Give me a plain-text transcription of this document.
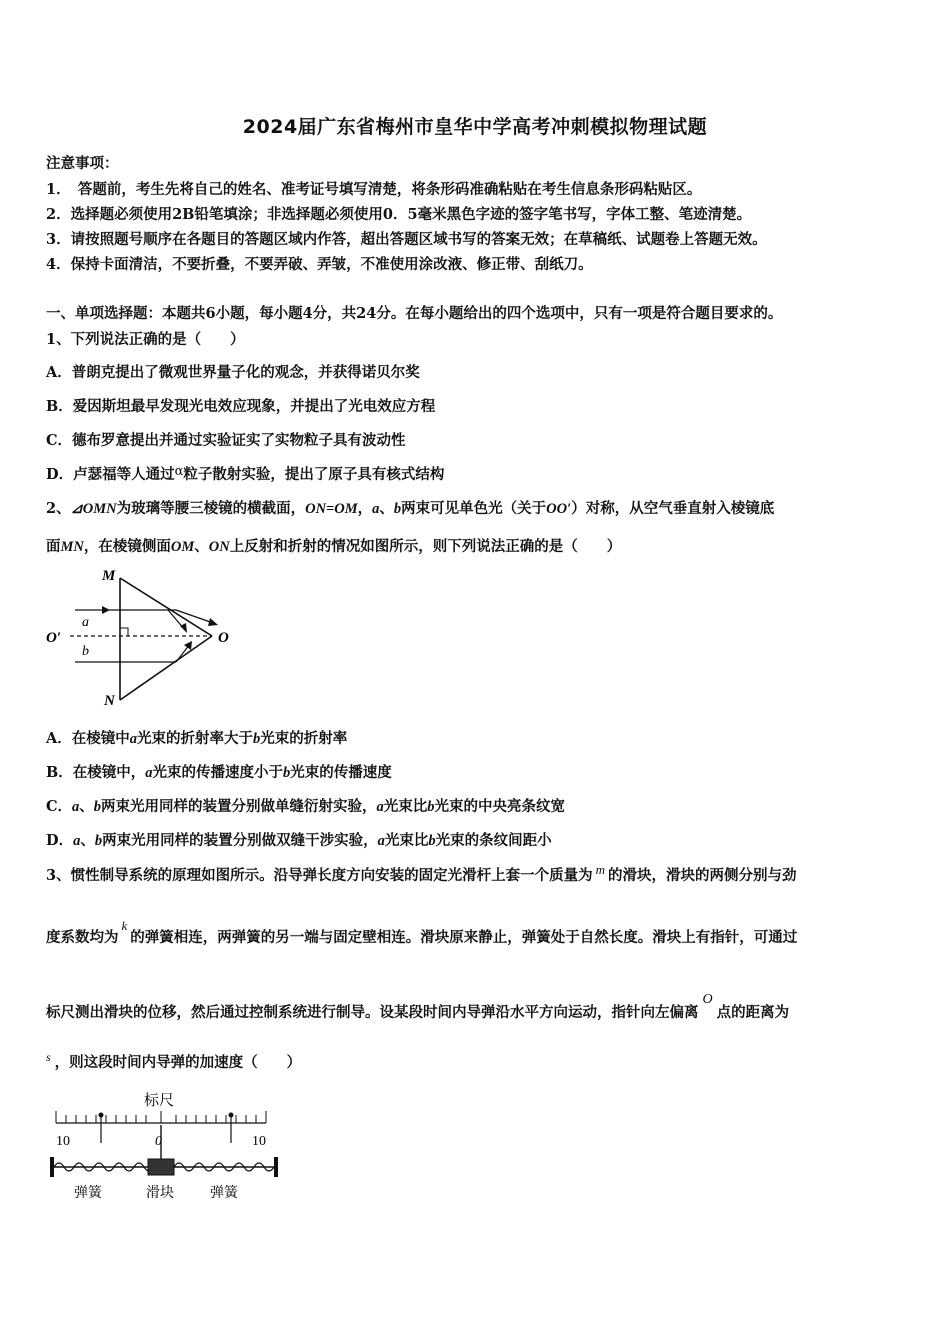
2024届广东省梅州市皇华中学高考冲刺模拟物理试题
注意事项：
1．　答题前，考生先将自己的姓名、准考证号填写清楚，将条形码准确粘贴在考生信息条形码粘贴区。
2．选择题必须使用2B铅笔填涂；非选择题必须使用0．5毫米黑色字迹的签字笔书写，字体工整、笔迹清楚。
3．请按照题号顺序在各题目的答题区域内作答，超出答题区域书写的答案无效；在草稿纸、试题卷上答题无效。
4．保持卡面清洁，不要折叠，不要弄破、弄皱，不准使用涂改液、修正带、刮纸刀。
一、单项选择题：本题共6小题，每小题4分，共24分。在每小题给出的四个选项中，只有一项是符合题目要求的。
1、下列说法正确的是（　　）
A．普朗克提出了微观世界量子化的观念，并获得诺贝尔奖
B．爱因斯坦最早发现光电效应现象，并提出了光电效应方程
C．德布罗意提出并通过实验证实了实物粒子具有波动性
D．卢瑟福等人通过α粒子散射实验，提出了原子具有核式结构
2、⊿OMN为玻璃等腰三棱镜的横截面，ON=OM，a、b两束可见单色光（关于OO′）对称，从空气垂直射入棱镜底
面MN，在棱镜侧面OM、ON上反射和折射的情况如图所示，则下列说法正确的是（　　）
M
N
O
O′
a
b
A．在棱镜中a光束的折射率大于b光束的折射率
B．在棱镜中，a光束的传播速度小于b光束的传播速度
C．a、b两束光用同样的装置分别做单缝衍射实验，a光束比b光束的中央亮条纹宽
D．a、b两束光用同样的装置分别做双缝干涉实验，a光束比b光束的条纹间距小
3、惯性制导系统的原理如图所示。沿导弹长度方向安装的固定光滑杆上套一个质量为 m 的滑块，滑块的两侧分别与劲
度系数均为k的弹簧相连，两弹簧的另一端与固定壁相连。滑块原来静止，弹簧处于自然长度。滑块上有指针，可通过
标尺测出滑块的位移，然后通过控制系统进行制导。设某段时间内导弹沿水平方向运动，指针向左偏离O点的距离为
$^s$ ，则这段时间内导弹的加速度（　　）
标尺
10	0	10
弹簧	滑块	弹簧
